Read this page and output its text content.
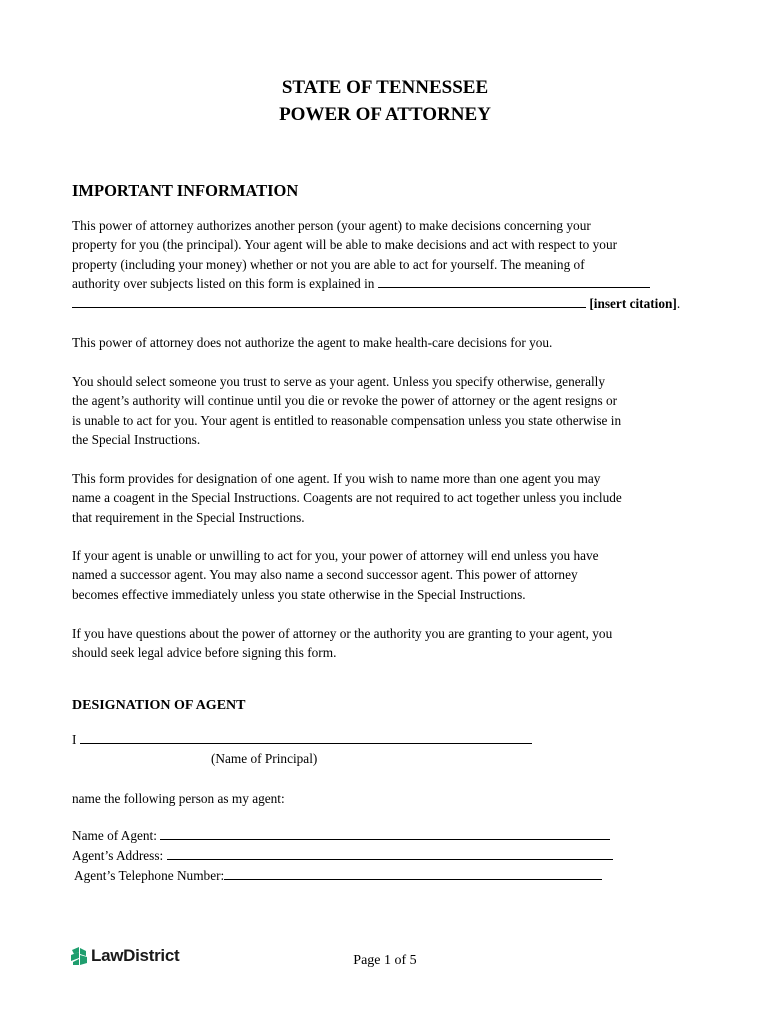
STATE OF TENNESSEE
POWER OF ATTORNEY
IMPORTANT INFORMATION
This power of attorney authorizes another person (your agent) to make decisions concerning your
property for you (the principal). Your agent will be able to make decisions and act with respect to your
property (including your money) whether or not you are able to act for yourself. The meaning of
authority over subjects listed on this form is explained in
[insert citation].
This power of attorney does not authorize the agent to make health-care decisions for you.
You should select someone you trust to serve as your agent. Unless you specify otherwise, generally
the agent’s authority will continue until you die or revoke the power of attorney or the agent resigns or
is unable to act for you. Your agent is entitled to reasonable compensation unless you state otherwise in
the Special Instructions.
This form provides for designation of one agent. If you wish to name more than one agent you may
name a coagent in the Special Instructions. Coagents are not required to act together unless you include
that requirement in the Special Instructions.
If your agent is unable or unwilling to act for you, your power of attorney will end unless you have
named a successor agent. You may also name a second successor agent. This power of attorney
becomes effective immediately unless you state otherwise in the Special Instructions.
If you have questions about the power of attorney or the authority you are granting to your agent, you
should seek legal advice before signing this form.
DESIGNATION OF AGENT
I
(Name of Principal)
name the following person as my agent:
Name of Agent:
Agent’s Address:
Agent’s Telephone Number:
LawDistrict	Page 1 of 5
